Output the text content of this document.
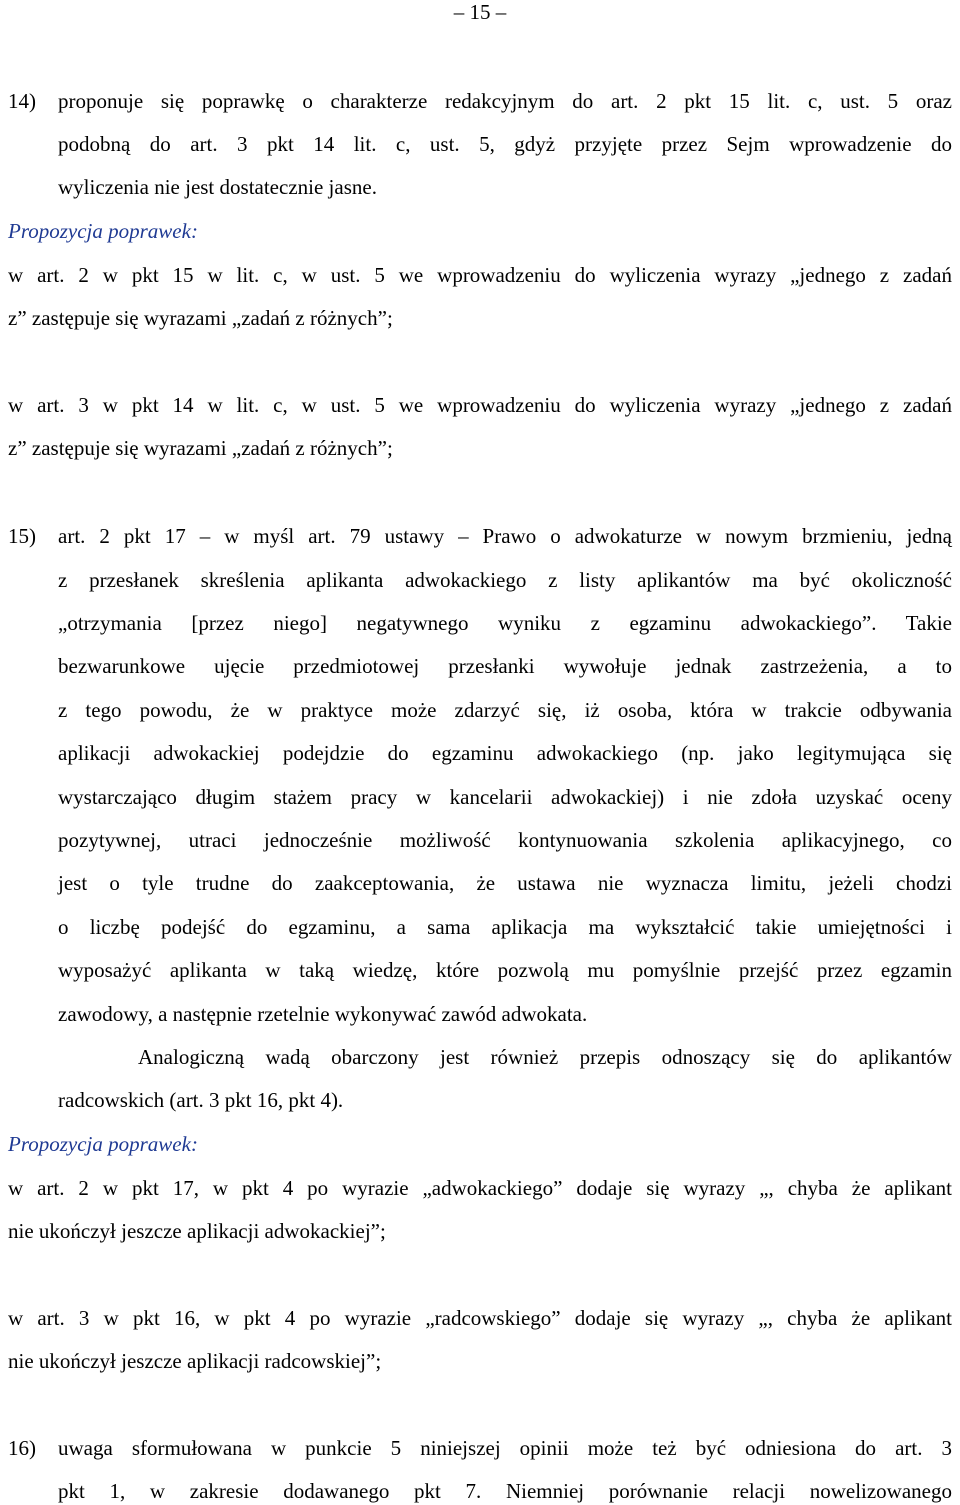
– 15 –
14) proponuje się poprawkę o charakterze redakcyjnym do art. 2 pkt 15 lit. c, ust. 5 oraz
podobną do art. 3 pkt 14 lit. c, ust. 5, gdyż przyjęte przez Sejm wprowadzenie do
wyliczenia nie jest dostatecznie jasne.
Propozycja poprawek:
w art. 2 w pkt 15 w lit. c, w ust. 5 we wprowadzeniu do wyliczenia wyrazy „jednego z zadań
z” zastępuje się wyrazami „zadań z różnych”;
w art. 3 w pkt 14 w lit. c, w ust. 5 we wprowadzeniu do wyliczenia wyrazy „jednego z zadań
z” zastępuje się wyrazami „zadań z różnych”;
15) art. 2 pkt 17 – w myśl art. 79 ustawy – Prawo o adwokaturze w nowym brzmieniu, jedną
z przesłanek skreślenia aplikanta adwokackiego z listy aplikantów ma być okoliczność
„otrzymania [przez niego] negatywnego wyniku z egzaminu adwokackiego”. Takie
bezwarunkowe ujęcie przedmiotowej przesłanki wywołuje jednak zastrzeżenia, a to
z tego powodu, że w praktyce może zdarzyć się, iż osoba, która w trakcie odbywania
aplikacji adwokackiej podejdzie do egzaminu adwokackiego (np. jako legitymująca się
wystarczająco długim stażem pracy w kancelarii adwokackiej) i nie zdoła uzyskać oceny
pozytywnej, utraci jednocześnie możliwość kontynuowania szkolenia aplikacyjnego, co
jest o tyle trudne do zaakceptowania, że ustawa nie wyznacza limitu, jeżeli chodzi
o liczbę podejść do egzaminu, a sama aplikacja ma wykształcić takie umiejętności i
wyposażyć aplikanta w taką wiedzę, które pozwolą mu pomyślnie przejść przez egzamin
zawodowy, a następnie rzetelnie wykonywać zawód adwokata.
Analogiczną wadą obarczony jest również przepis odnoszący się do aplikantów
radcowskich (art. 3 pkt 16, pkt 4).
Propozycja poprawek:
w art. 2 w pkt 17, w pkt 4 po wyrazie „adwokackiego” dodaje się wyrazy „, chyba że aplikant
nie ukończył jeszcze aplikacji adwokackiej”;
w art. 3 w pkt 16, w pkt 4 po wyrazie „radcowskiego” dodaje się wyrazy „, chyba że aplikant
nie ukończył jeszcze aplikacji radcowskiej”;
16) uwaga sformułowana w punkcie 5 niniejszej opinii może też być odniesiona do art. 3
pkt 1, w zakresie dodawanego pkt 7. Niemniej porównanie relacji nowelizowanego
